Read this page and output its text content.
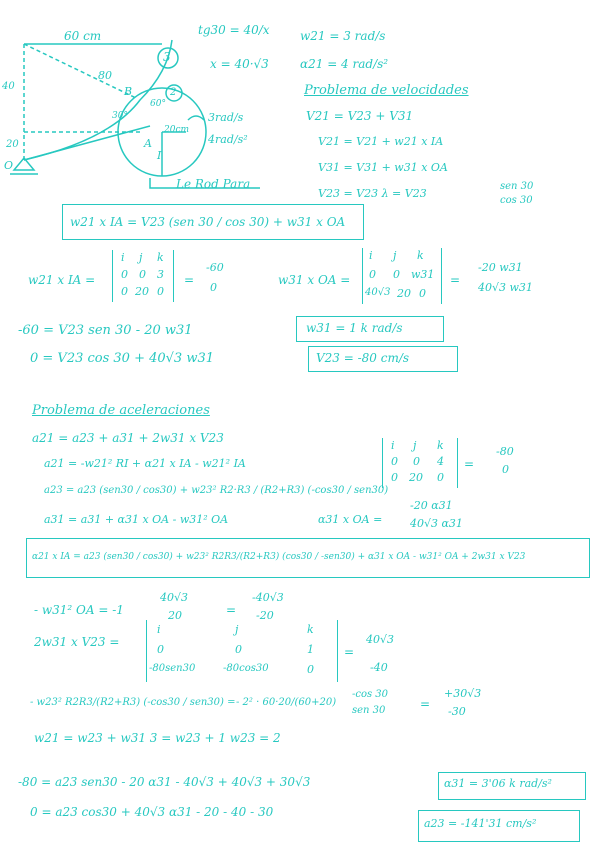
60 cm
3
80
40
20
O
B
30°
2
60°
A
20cm
I
3rad/s
4rad/s²
Le Rod Para
tg30 = 40/x
x = 40·√3
w21 = 3 rad/s
α21 = 4 rad/s²
Problema de velocidades
V21 = V23 + V31
V21 = V21 + w21 x IA
V31 = V31 + w31 x OA
V23 = V23 λ = V23
sen 30
cos 30
w21 x IA = V23 (sen 30 / cos 30) + w31 x OA
w21 x IA =
i j k
0 0 3
0 20 0
=
-60
0
w31 x OA =
i j k
0 0 w31
40√3 20 0
=
-20 w31
40√3 w31
-60 = V23 sen 30 - 20 w31
0 = V23 cos 30 + 40√3 w31
w31 = 1 k rad/s
V23 = -80 cm/s
Problema de aceleraciones
a21 = a23 + a31 + 2w31 x V23
a21 = -w21² RI + α21 x IA - w21² IA
a23 = a23 (sen30 / cos30) + w23² R2·R3 / (R2+R3) (-cos30 / sen30)
a31 = a31 + α31 x OA - w31² OA	α31 x OA =
i j k
0 0 4
0 20 0
=
-80
0
-20 α31
40√3 α31
α21 x IA = a23 (sen30 / cos30) + w23² R2R3/(R2+R3) (cos30 / -sen30) + α31 x OA - w31² OA + 2w31 x V23
- w31² OA = -1
40√3
20	=
-40√3
-20
2w31 x V23 =
i	j	k
0	0	1
-80sen30	-80cos30	0
=
40√3
-40
- w23² R2R3/(R2+R3) (-cos30 / sen30) = - 2² · 60·20/(60+20)
-cos 30
sen 30	=
+30√3
-30
w21 = w23 + w31 3 = w23 + 1 w23 = 2
-80 = a23 sen30 - 20 α31 - 40√3 + 40√3 + 30√3
0 = a23 cos30 + 40√3 α31 - 20 - 40 - 30
α31 = 3'06 k rad/s²
a23 = -141'31 cm/s²
